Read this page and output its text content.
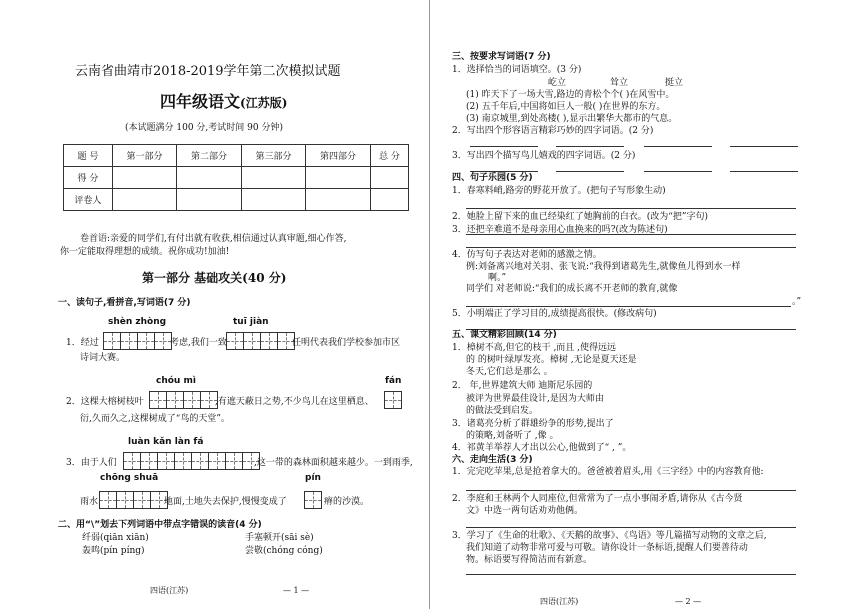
云南省曲靖市2018-2019学年第二次模拟试题
四年级语文(江苏版)
(本试题满分 100 分,考试时间 90 分钟)
题 号	第一部分	第二部分	第三部分	第四部分	总 分
得 分					
评卷人					
卷首语:亲爱的同学们,有付出就有收获,相信通过认真审题,细心作答,
你一定能取得理想的成绩。祝你成功!加油!
第一部分 基础攻关(40 分)
一、读句子,看拼音,写词语(7 分)
shèn zhòng	tuī jiàn
1．经过	考虑,我们一致	任明代表我们学校参加市区
诗词大赛。
chóu mì	fán
2．这棵大榕树枝叶	,有遮天蔽日之势,不少鸟儿在这里栖息、
衍,久而久之,这棵树成了“鸟的天堂”。
luàn kǎn làn fá
3．由于人们	,这一带的森林面积越来越少。一到雨季,
chōng shuā	pín
雨水	地面,土地失去保护,慢慢变成了	瘠的沙漠。
二、用“\”划去下列词语中带点字错误的读音(4 分)
纤弱(qiān xiān)	手塞顿开(sāi sè)
轰鸣(pín píng)	尝敬(chóng cóng)
四语(江苏)	— 1 —
三、按要求写词语(7 分)
1．选择恰当的词语填空。(3 分)
屹立	耸立	挺立
(1) 昨天下了一场大雪,路边的青松个个( )在风雪中。
(2) 五千年后,中国将如巨人一般( )在世界的东方。
(3) 南京城里,到处高楼( ),显示出繁华大都市的气息。
2．写出四个形容语言精彩巧妙的四字词语。(2 分)
3．写出四个描写鸟儿嬉戏的四字词语。(2 分)
四、句子乐园(5 分)
1．春寒料峭,路旁的野花开放了。(把句子写形象生动)
2．她脸上留下来的血已经染红了她胸前的白衣。(改为“把”字句)
3．还把辛难道不是母亲用心血换来的吗?(改为陈述句)
4．仿写句子表达对老师的感激之情。
例:刘备离兴地对关羽、张飞说:“我得到诸葛先生,就像鱼儿得到水一样
啊。”
同学们 对老师说:“我们的成长离不开老师的教育,就像
。”
5．小明端正了学习目的,成绩提高很快。(修改病句)
五、课文精彩回顾(14 分)
1．樟树不高,但它的枝干 ,而且 ,使得远远
的 的树叶绿厚发亮。樟树 ,无论是夏天还是
冬天,它们总是那么 。
2． 年,世界建筑大师 迪斯尼乐园的
被评为世界最佳设计,是因为大师由
的做法受到启发。
3．诸葛亮分析了群雄纷争的形势,提出了
的策略,刘备听了 ,像 。
4．祁黄羊举荐人才出以公心,他做到了“ , ”。
六、走向生活(3 分)
1．完完吃苹果,总是抢着拿大的。爸爸被着眉头,用《三字经》中的内容教育他:
2．李庭和王林两个人同座位,但常常为了一点小事闹矛盾,请你从《古今贤
文》中选一两句话劝劝他俩。
3．学习了《生命的壮歌》、《天鹅的故事》、《鸟语》等几篇描写动物的文章之后,
我们知道了动物非常可爱与可敬。请你设计一条标语,提醒人们要善待动
物。标语要写得简洁而有新意。
四语(江苏)	— 2 —
